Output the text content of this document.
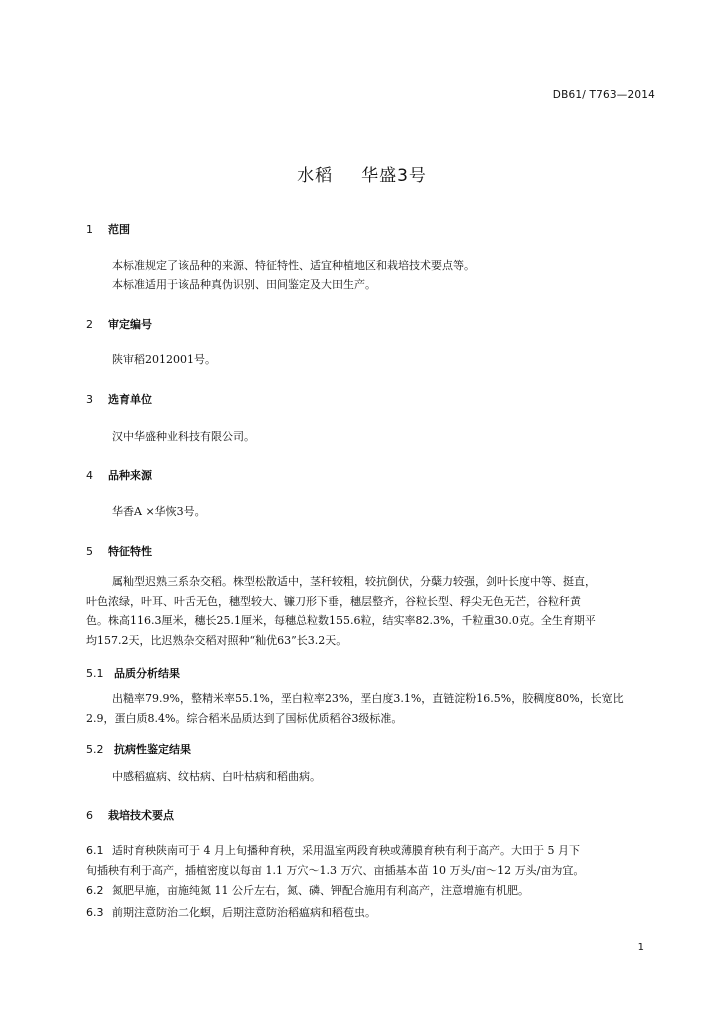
DB61/ T763—2014
水稻 华盛3号
1 范围
本标准规定了该品种的来源、特征特性、适宜种植地区和栽培技术要点等。
本标准适用于该品种真伪识别、田间鉴定及大田生产。
2 审定编号
陕审稻2012001号。
3 选育单位
汉中华盛种业科技有限公司。
4 品种来源
华香A ×华恢3号。
5 特征特性
属籼型迟熟三系杂交稻。株型松散适中，茎秆较粗，较抗倒伏，分蘖力较强，剑叶长度中等、挺直，
叶色浓绿，叶耳、叶舌无色，穗型较大、镰刀形下垂，穗层整齐，谷粒长型、稃尖无色无芒，谷粒秆黄
色。株高116.3厘米，穗长25.1厘米，每穗总粒数155.6粒，结实率82.3%，千粒重30.0克。全生育期平
均157.2天，比迟熟杂交稻对照种“籼优63”长3.2天。
5.1 品质分析结果
出糙率79.9%，整精米率55.1%，垩白粒率23%，垩白度3.1%，直链淀粉16.5%，胶稠度80%，长宽比
2.9，蛋白质8.4%。综合稻米品质达到了国标优质稻谷3级标准。
5.2 抗病性鉴定结果
中感稻瘟病、纹枯病、白叶枯病和稻曲病。
6 栽培技术要点
6.1 适时育秧陕南可于 4 月上旬播种育秧，采用温室两段育秧或薄膜育秧有利于高产。大田于 5 月下
旬插秧有利于高产，插植密度以每亩 1.1 万穴～1.3 万穴、亩插基本苗 10 万头/亩～12 万头/亩为宜。
6.2 氮肥早施，亩施纯氮 11 公斤左右，氮、磷、钾配合施用有利高产，注意增施有机肥。
6.3 前期注意防治二化螟，后期注意防治稻瘟病和稻苞虫。
1
